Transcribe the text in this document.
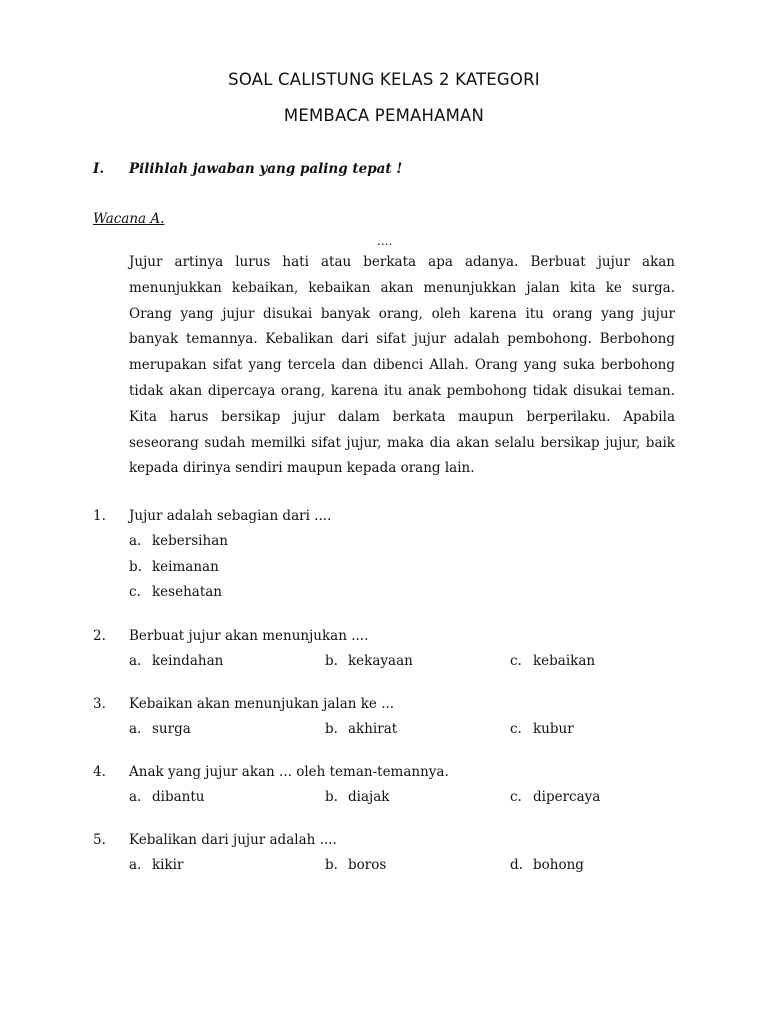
SOAL CALISTUNG KELAS 2 KATEGORI
MEMBACA PEMAHAMAN
I. Pilihlah jawaban yang paling tepat !
Wacana A.
....

Jujur artinya lurus hati atau berkata apa adanya. Berbuat jujur akan menunjukkan kebaikan, kebaikan akan menunjukkan jalan kita ke surga. Orang yang jujur disukai banyak orang, oleh karena itu orang yang jujur banyak temannya. Kebalikan dari sifat jujur adalah pembohong. Berbohong merupakan sifat yang tercela dan dibenci Allah. Orang yang suka berbohong tidak akan dipercaya orang, karena itu anak pembohong tidak disukai teman. Kita harus bersikap jujur dalam berkata maupun berperilaku. Apabila seseorang sudah memilki sifat jujur, maka dia akan selalu bersikap jujur, baik kepada dirinya sendiri maupun kepada orang lain.

1. Jujur adalah sebagian dari ....
a. kebersihan
b. keimanan
c. kesehatan
2. Berbuat jujur akan menunjukan ....
a. keindahan	b. kekayaan	c. kebaikan
3. Kebaikan akan menunjukan jalan ke ...
a. surga	b. akhirat	c. kubur
4. Anak yang jujur akan ... oleh teman-temannya.
a. dibantu	b. diajak	c. dipercaya
5. Kebalikan dari jujur adalah ....
a. kikir	b. boros	d. bohong
